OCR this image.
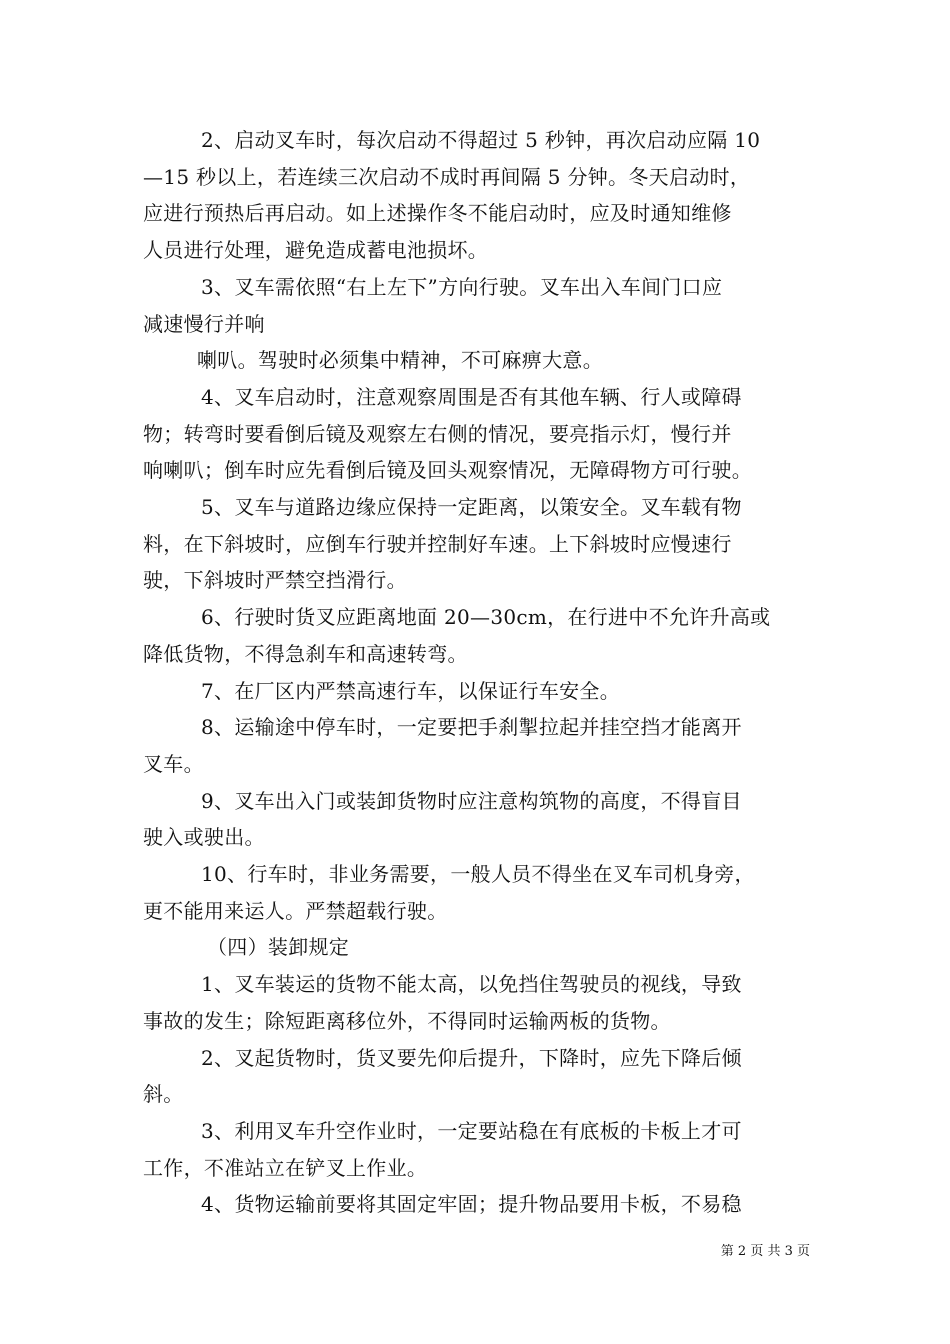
2、启动叉车时，每次启动不得超过 5 秒钟，再次启动应隔 10
—15 秒以上，若连续三次启动不成时再间隔 5 分钟。冬天启动时，
应进行预热后再启动。如上述操作冬不能启动时，应及时通知维修
人员进行处理，避免造成蓄电池损坏。
3、叉车需依照“右上左下”方向行驶。叉车出入车间门口应
减速慢行并响
喇叭。驾驶时必须集中精神，不可麻痹大意。
4、叉车启动时，注意观察周围是否有其他车辆、行人或障碍
物；转弯时要看倒后镜及观察左右侧的情况，要亮指示灯，慢行并
响喇叭；倒车时应先看倒后镜及回头观察情况，无障碍物方可行驶。
5、叉车与道路边缘应保持一定距离，以策安全。叉车载有物
料，在下斜坡时，应倒车行驶并控制好车速。上下斜坡时应慢速行
驶，下斜坡时严禁空挡滑行。
6、行驶时货叉应距离地面 20—30cm，在行进中不允许升高或
降低货物，不得急刹车和高速转弯。
7、在厂区内严禁高速行车，以保证行车安全。
8、运输途中停车时，一定要把手刹掣拉起并挂空挡才能离开
叉车。
9、叉车出入门或装卸货物时应注意构筑物的高度，不得盲目
驶入或驶出。
10、行车时，非业务需要，一般人员不得坐在叉车司机身旁，
更不能用来运人。严禁超载行驶。
（四）装卸规定
1、叉车装运的货物不能太高，以免挡住驾驶员的视线，导致
事故的发生；除短距离移位外，不得同时运输两板的货物。
2、叉起货物时，货叉要先仰后提升，下降时，应先下降后倾
斜。
3、利用叉车升空作业时，一定要站稳在有底板的卡板上才可
工作，不准站立在铲叉上作业。
4、货物运输前要将其固定牢固；提升物品要用卡板，不易稳
第 2 页 共 3 页
